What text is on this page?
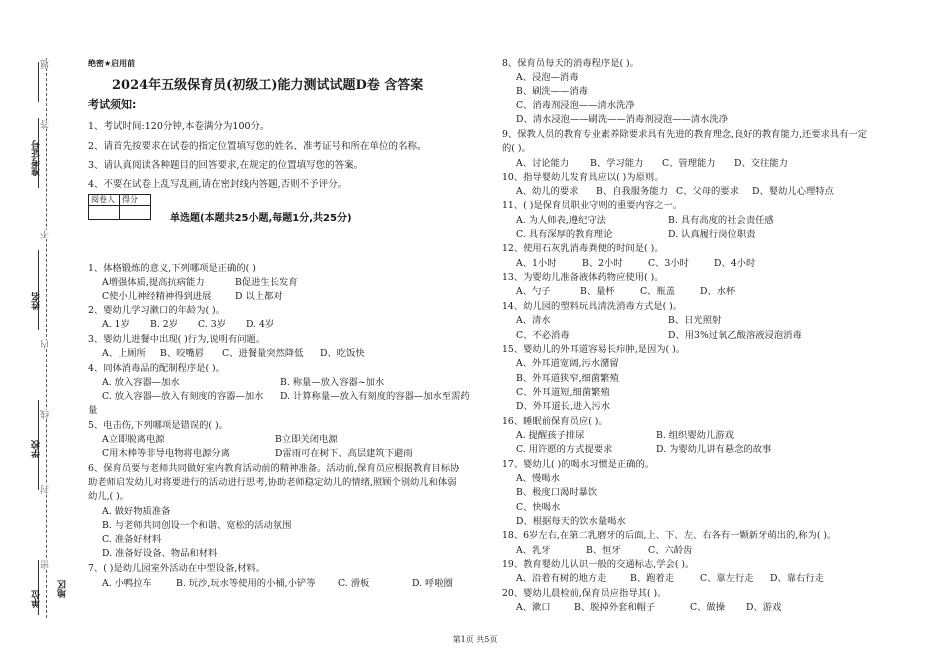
准考证号
姓名
学校
单位
题
答
不
内
线
封
密
地区
绝密★启用前
2024年五级保育员(初级工)能力测试试题D卷 含答案
考试须知:
1、考试时间:120分钟,本卷满分为100分。
2、请首先按要求在试卷的指定位置填写您的姓名、准考证号和所在单位的名称。
3、请认真阅读各种题目的回答要求,在规定的位置填写您的答案。
4、不要在试卷上乱写乱画,请在密封线内答题,否则不予评分。
阅卷人	得分

单选题(本题共25小题,每题1分,共25分)
1、体格锻炼的意义,下列哪项是正确的( )
A增强体质,提高抗病能力	B促进生长发育
C使小儿神经精神得到进展	D 以上都对
2、婴幼儿学习漱口的年龄为( )。
A. 1岁 B. 2岁 C. 3岁 D. 4岁
3、婴幼儿进餐中出现( )行为,说明有问题。
A、上厕所 B、咬嘴唇 C、进餐量突然降低 D、吃饭快
4、同体消毒品的配制程序是( )。
A. 放入容器—加水	B. 称量—放入容器~加水
C. 放入容器—放入有刻度的容器—加水 D. 计算称量—放入有刻度的容器—加水至需药
量
5、电击伤,下列哪项是错误的( )。
A立即脱离电源	B立即关闭电源
C用木棒等非导电物将电源分离	D雷雨可在树下、高层建筑下避雨
6、保育员要与老师共同做好室内教育活动前的精神准备。活动前,保育员应根据教育目标协
助老师启发幼儿对将要进行的活动进行思考,协助老师稳定幼儿的情绪,照顾个别幼儿和体弱
幼儿,( )。
A. 做好物质准备
B. 与老师共同创设一个和谐、宽松的活动氛围
C. 准备好材料
D. 准备好设备、物品和材料
7、( )是幼儿园室外活动在中型设备,材料。
A. 小鸭拉车	B. 玩沙,玩水等使用的小桶,小铲等 C. 滑板	D. 呼啦圈
8、保育员每天的消毒程序是( )。
A、浸泡—消毒
B、刷洗——消毒
C、消毒剂浸泡——清水洗净
D、清水浸泡——刷洗——消毒剂浸泡——清水洗净
9、保教人员的教育专业素养除要求具有先进的教育理念,良好的教育能力,还要求具有一定
的( )。
A、讨论能力 B、学习能力 C、管理能力 D、交往能力
10、指导婴幼儿发育具应以( )为原则。
A、幼儿的要求 B、自我服务能力 C、父母的要求 D、婴幼儿心理特点
11、( )是保育员职业守则的重要内容之一。
A. 为人师表,遵纪守法	B. 具有高度的社会责任感
C. 具有深厚的教育理论	D. 认真履行岗位职责
12、使用石灰乳消毒粪便的时间是( )。
A、1小时	B、2小时	C、3小时	D、4小时
13、为婴幼儿准备液体药物应使用( )。
A、勺子	B、量杯	C、瓶盖	D、水杯
14、幼儿园的塑料玩具清洗消毒方式是( )。
A、清水	B、日光照射
C、不必消毒	D、用3%过氧乙酸溶液浸泡消毒
15、婴幼儿的外耳道容易长疖肿,是因为( )。
A、外耳道宽阔,污水潴留
B、外耳道狭窄,细菌繁殖
C、外耳道短,细菌繁殖
D、外耳道长,进入污水
16、睡眠前保育员应( )。
A. 提醒孩子排尿	B. 组织婴幼儿游戏
C. 用许愿的方式提要求	D. 为婴幼儿讲有悬念的故事
17、婴幼儿( )的喝水习惯是正确的。
A、慢喝水
B、极度口渴时暴饮
C、快喝水
D、根据每天的饮水量喝水
18、6岁左右,在第二乳磨牙的后面,上、下、左、右各有一颗新牙萌出的,称为( )。
A、乳牙	B、恒牙	C、六龄齿
19、教育婴幼儿认识一般的交通标志,学会( )。
A、沿着有树的地方走	B、跑着走	C、靠左行走 D、靠右行走
20、婴幼儿晨检前,保育员应指导其( )。
A、漱口	B、脱掉外套和帽子	C、做操 D、游戏
第1页 共5页
